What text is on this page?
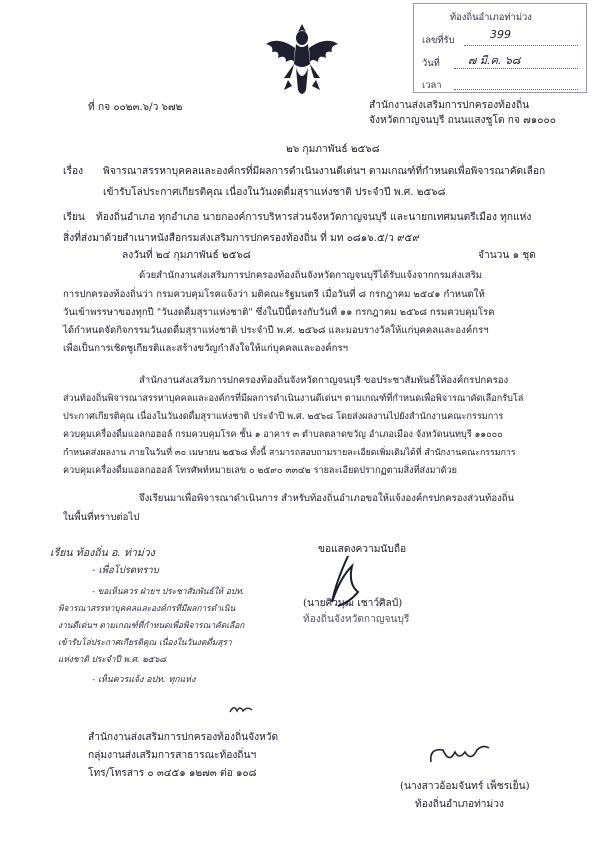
ท้องถิ่นอำเภอท่าม่วง
เลขที่รับ	399
วันที่	๗ มี.ค. ๖๘
เวลา
ที่ กจ ๐๐๒๓.๖/ว ๖๗๒	สำนักงานส่งเสริมการปกครองท้องถิ่น
จังหวัดกาญจนบุรี ถนนแสงชูโต กจ ๗๑๐๐๐
๒๖ กุมภาพันธ์ ๒๕๖๘
เรื่อง พิจารณาสรรหาบุคคลและองค์กรที่มีผลการดำเนินงานดีเด่นฯ ตามเกณฑ์ที่กำหนดเพื่อพิจารณาคัดเลือก
เข้ารับโล่ประกาศเกียรติคุณ เนื่องในวันงดดื่มสุราแห่งชาติ ประจำปี พ.ศ. ๒๕๖๘
เรียน ท้องถิ่นอำเภอ ทุกอำเภอ นายกองค์การบริหารส่วนจังหวัดกาญจนบุรี และนายกเทศมนตรีเมือง ทุกแห่ง
สิ่งที่ส่งมาด้วย สำเนาหนังสือกรมส่งเสริมการปกครองท้องถิ่น ที่ มท ๐๘๑๖.๕/ว ๙๕๙
ลงวันที่ ๒๔ กุมภาพันธ์ ๒๕๖๘	จำนวน ๑ ชุด
ด้วยสำนักงานส่งเสริมการปกครองท้องถิ่นจังหวัดกาญจนบุรีได้รับแจ้งจากกรมส่งเสริม
การปกครองท้องถิ่นว่า กรมควบคุมโรคแจ้งว่า มติคณะรัฐมนตรี เมื่อวันที่ ๘ กรกฎาคม ๒๕๔๑ กำหนดให้
วันเข้าพรรษาของทุกปี "วันงดดื่มสุราแห่งชาติ" ซึ่งในปีนี้ตรงกับวันที่ ๑๑ กรกฎาคม ๒๕๖๘ กรมควบคุมโรค
ได้กำหนดจัดกิจกรรมวันงดดื่มสุราแห่งชาติ ประจำปี พ.ศ. ๒๕๖๘ และมอบรางวัลให้แก่บุคคลและองค์กรฯ
เพื่อเป็นการเชิดชูเกียรติและสร้างขวัญกำลังใจให้แก่บุคคลและองค์กรฯ
สำนักงานส่งเสริมการปกครองท้องถิ่นจังหวัดกาญจนบุรี ขอประชาสัมพันธ์ให้องค์กรปกครอง
ส่วนท้องถิ่นพิจารณาสรรหาบุคคลและองค์กรที่มีผลการดำเนินงานดีเด่นฯ ตามเกณฑ์ที่กำหนดเพื่อพิจารณาคัดเลือกรับโล่
ประกาศเกียรติคุณ เนื่องในวันงดดื่มสุราแห่งชาติ ประจำปี พ.ศ. ๒๕๖๘ โดยส่งผลงานไปยังสำนักงานคณะกรรมการ
ควบคุมเครื่องดื่มแอลกอฮอล์ กรมควบคุมโรค ชั้น ๑ อาคาร ๓ ตำบลตลาดขวัญ อำเภอเมือง จังหวัดนนทบุรี ๑๑๐๐๐
กำหนดส่งผลงาน ภายในวันที่ ๓๐ เมษายน ๒๕๖๘ ทั้งนี้ สามารถสอบถามรายละเอียดเพิ่มเติมได้ที่ สำนักงานคณะกรรมการ
ควบคุมเครื่องดื่มแอลกอฮอล์ โทรศัพท์หมายเลข ๐ ๒๕๙๐ ๓๓๔๒ รายละเอียดปรากฏตามสิ่งที่ส่งมาด้วย
จึงเรียนมาเพื่อพิจารณาดำเนินการ สำหรับท้องถิ่นอำเภอขอให้แจ้งองค์กรปกครองส่วนท้องถิ่น
ในพื้นที่ทราบต่อไป
ขอแสดงความนับถือ
(นายศิวนุฒ เชาว์ศิลป์)
ท้องถิ่นจังหวัดกาญจนบุรี
เรียน ท้องถิ่น อ. ท่าม่วง
- เพื่อโปรดทราบ
- ขอเห็นควร ฝ่ายฯ ประชาสัมพันธ์ให้ อปท.
พิจารณาสรรหาบุคคลและองค์กรที่มีผลการดำเนิน
งานดีเด่นฯ ตามเกณฑ์ที่กำหนดเพื่อพิจารณาคัดเลือก
เข้ารับโล่ประกาศเกียรติคุณ เนื่องในวันงดดื่มสุรา
แห่งชาติ ประจำปี พ.ศ. ๒๕๖๘
- เห็นควรแจ้ง อปท. ทุกแห่ง
สำนักงานส่งเสริมการปกครองท้องถิ่นจังหวัด
กลุ่มงานส่งเสริมการสาธารณะท้องถิ่นฯ
โทร/โทรสาร ๐ ๓๔๕๑ ๑๒๗๓ ต่อ ๑๐๘
(นางสาวอ้อมจันทร์ เพ็ชรเย็น)
ท้องถิ่นอำเภอท่าม่วง
